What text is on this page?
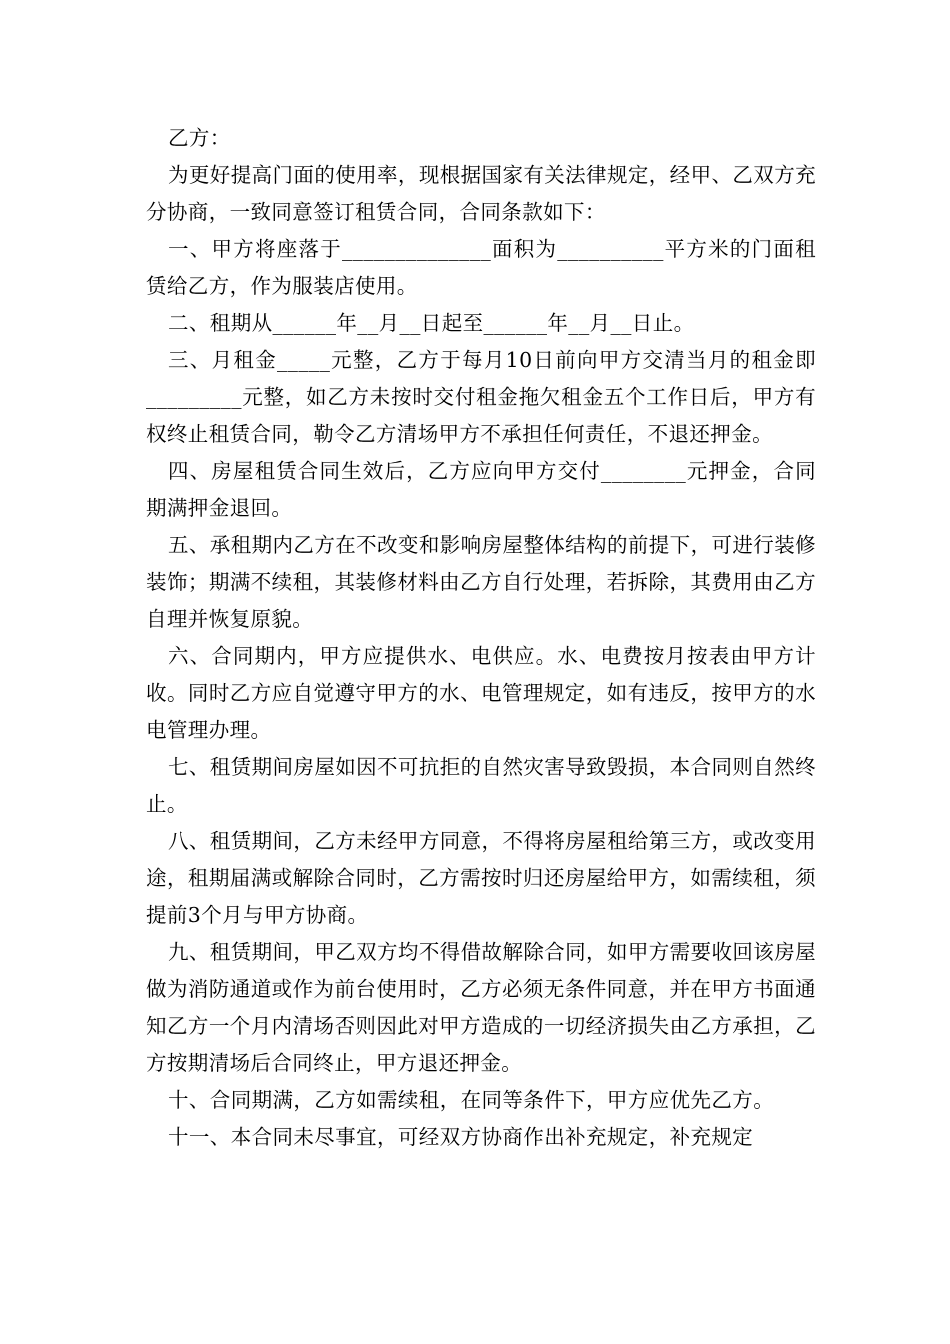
乙方：

为更好提高门面的使用率，现根据国家有关法律规定，经甲、乙双方充分协商，一致同意签订租赁合同，合同条款如下：

一、甲方将座落于______________面积为__________平方米的门面租赁给乙方，作为服装店使用。

二、租期从______年__月__日起至______年__月__日止。

三、月租金_____元整，乙方于每月10日前向甲方交清当月的租金即_________元整，如乙方未按时交付租金拖欠租金五个工作日后，甲方有权终止租赁合同，勒令乙方清场甲方不承担任何责任，不退还押金。

四、房屋租赁合同生效后，乙方应向甲方交付________元押金，合同期满押金退回。

五、承租期内乙方在不改变和影响房屋整体结构的前提下，可进行装修装饰；期满不续租，其装修材料由乙方自行处理，若拆除，其费用由乙方自理并恢复原貌。

六、合同期内，甲方应提供水、电供应。水、电费按月按表由甲方计收。同时乙方应自觉遵守甲方的水、电管理规定，如有违反，按甲方的水电管理办理。

七、租赁期间房屋如因不可抗拒的自然灾害导致毁损，本合同则自然终止。

八、租赁期间，乙方未经甲方同意，不得将房屋租给第三方，或改变用途，租期届满或解除合同时，乙方需按时归还房屋给甲方，如需续租，须提前3个月与甲方协商。

九、租赁期间，甲乙双方均不得借故解除合同，如甲方需要收回该房屋做为消防通道或作为前台使用时，乙方必须无条件同意，并在甲方书面通知乙方一个月内清场否则因此对甲方造成的一切经济损失由乙方承担，乙方按期清场后合同终止，甲方退还押金。

十、合同期满，乙方如需续租，在同等条件下，甲方应优先乙方。

十一、本合同未尽事宜，可经双方协商作出补充规定，补充规定
